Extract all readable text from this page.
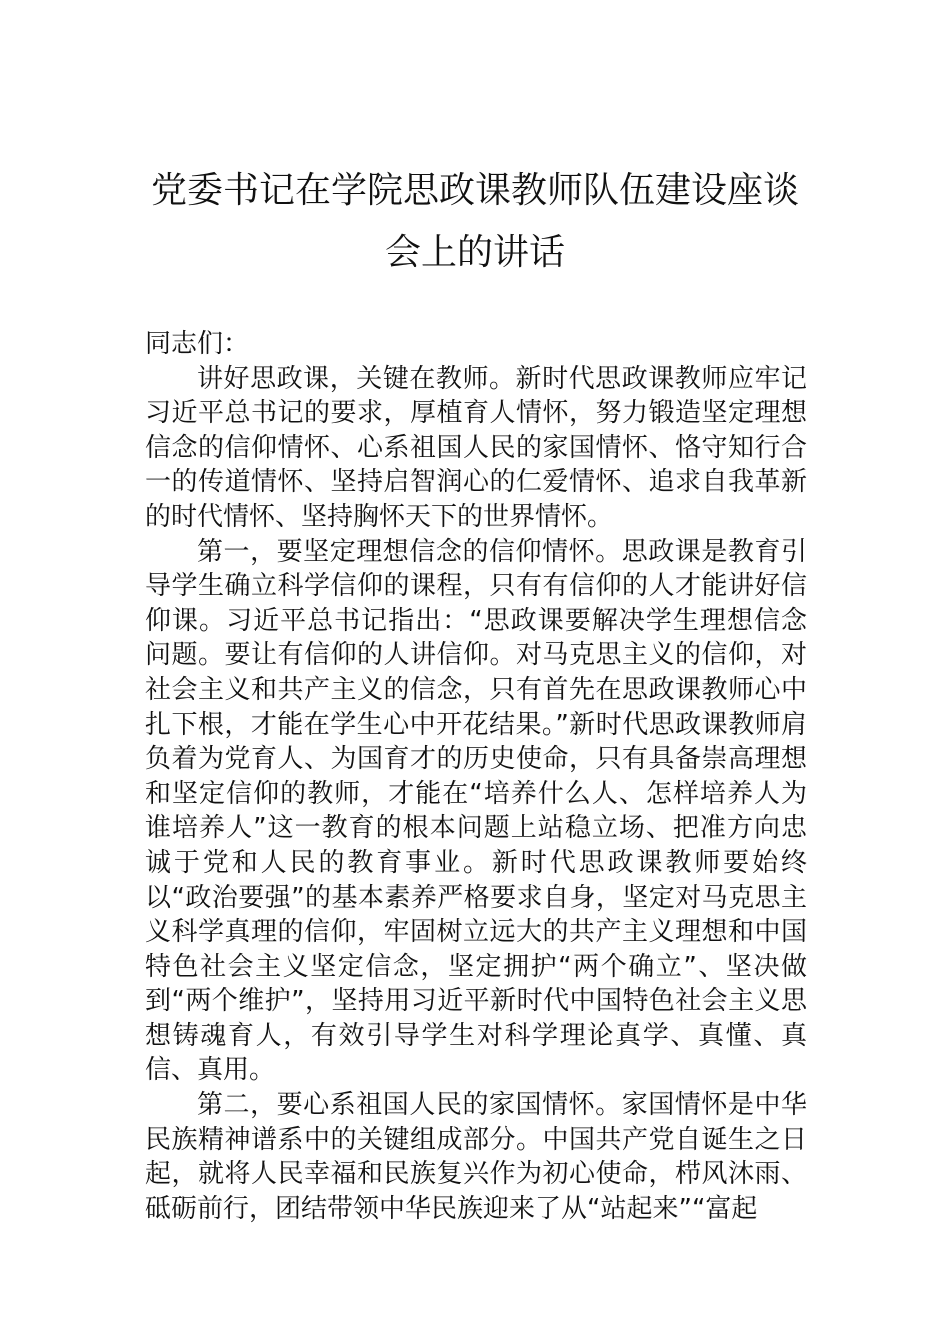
党委书记在学院思政课教师队伍建设座谈
会上的讲话

同志们：

讲好思政课，关键在教师。新时代思政课教师应牢记习近平总书记的要求，厚植育人情怀，努力锻造坚定理想信念的信仰情怀、心系祖国人民的家国情怀、恪守知行合一的传道情怀、坚持启智润心的仁爱情怀、追求自我革新的时代情怀、坚持胸怀天下的世界情怀。

第一，要坚定理想信念的信仰情怀。思政课是教育引导学生确立科学信仰的课程，只有有信仰的人才能讲好信仰课。习近平总书记指出：“思政课要解决学生理想信念问题。要让有信仰的人讲信仰。对马克思主义的信仰，对社会主义和共产主义的信念，只有首先在思政课教师心中扎下根，才能在学生心中开花结果。”新时代思政课教师肩负着为党育人、为国育才的历史使命，只有具备崇高理想和坚定信仰的教师，才能在“培养什么人、怎样培养人为谁培养人”这一教育的根本问题上站稳立场、把准方向忠诚于党和人民的教育事业。新时代思政课教师要始终以“政治要强”的基本素养严格要求自身，坚定对马克思主义科学真理的信仰，牢固树立远大的共产主义理想和中国特色社会主义坚定信念，坚定拥护“两个确立”、坚决做到“两个维护”，坚持用习近平新时代中国特色社会主义思想铸魂育人，有效引导学生对科学理论真学、真懂、真信、真用。

第二，要心系祖国人民的家国情怀。家国情怀是中华民族精神谱系中的关键组成部分。中国共产党自诞生之日起，就将人民幸福和民族复兴作为初心使命，栉风沐雨、砥砺前行，团结带领中华民族迎来了从“站起来”“富起
